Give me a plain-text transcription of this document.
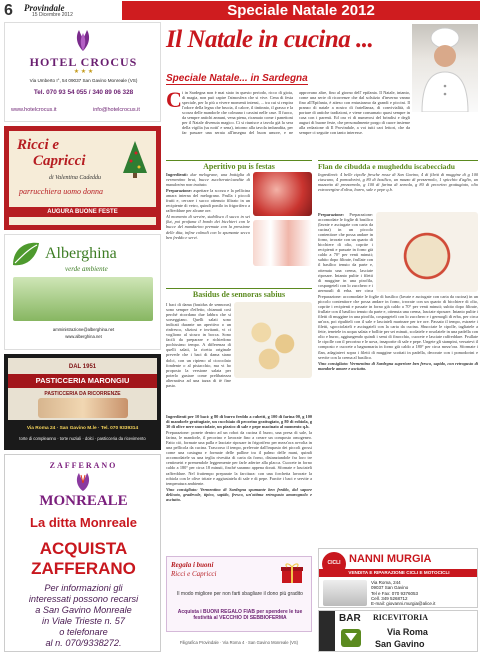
6 Provindale
15 Dicembre 2012	Speciale Natale 2012
HOTEL CROCUS
★ ★ ★
Via Umberto I°, 54 09037 San Gavino Monreale (VS)
Tel. 070 93 54 055 / 340 89 06 328
www.hotelcrocus.it	info@hotelcrocus.it
Ricci e
Capricci
di Valentina Cadeddu
parrucchiera uomo donna
AUGURA BUONE FESTE
Alberghina
verde ambiente
amministrazione@alberghina.net
www.alberghina.net
DAL 1951
PASTICCERIA MARONGIU
PASTICCERIA DA RICORRENZE
Via Roma 24 · San Gavino M.le · Tel. 070 9339314
torte di compleanno · torte nuziali · dolci · pasticceria da ricevimento
ZAFFERANO
MONREALE
La ditta Monreale
ACQUISTA
ZAFFERANO
Per informazioni gli
interessati possono recarsi
a San Gavino Monreale
in Viale Trieste n. 57
o telefonare
al n. 070/9338272.
Il Natale in cucina ...
Speciale Natale... in Sardegna
C i in Sardegna non è mai stato in questo periodo, ricco di gioia, di magia, non può capire l'atmosfera che si vive. Cena di festa speciale, per lo più a vivere momenti intensi, ... tra cui si respira l'odore della legna che brucia, il calore, il tintinnio, il grasso e la scorza delle mandorle che colmano i cassini nelle case. Il fuoco, da sempre antichi annuni, vena piena, ricamato come i panettoni per il Natale divenuta magico. Ci si riunisce a tavola già la sera della vigilia (su notti' e sena), intorno alla tavola imbandita, per far passare una serata all'insegna del buon umore, e ne approvano altre, fino al giorno dell' epifania. Il Natale, intanto, come una serie di ricorrenze che dal solstizio d'inverno vanno fino all'Epifania, è atteso con entusiasmo da grandi e piccini. Il pranzo di natale a nostro di fratellanza, di convivialità, di portare di antiche tradizioni, e viene consumato quasi sempre in casa con i parenti. Ed ora vi di numerosi del brindisi e degli auguri di buone feste, che personalmente porgo di cuore insieme alla redazione di Il Provindale, a voi tutti cari lettori, che da sempre ci seguite con tanto interesse.
Aperitivo pu is festas

Ingredienti: due melograne, una bottiglia di vermentino brut, bucce zuccherate/candite di mandarino non trattato.

Preparazione: aspettare la scorza e la pellicina amara interna del melograno. Frulla i piccoli frutti e, cercare i succo ottenuto filtrato in un recipiente di vetro, quindi ponilo in frigorifero a raffreddare per alcune ore.

Al momento di servire, stabilisco il succo in sei flut, poi profuma il bordo dei bicchieri con le bucce del mandarino premute con la pressione delle dita, infine colmali con lo spumante secco ben freddo e servi.

Basidus de sennoras sabius
I baci di dama (basidus de sennoras) sono sempre d'effetto, chiamati così perché ricordano due labbra che si sorseggiano. Quelli salati sono indicati durante un aperitivo o un rinfresco, sfiziosi e invitanti, vi ci vogliono al sicuro in bocca. Sono facili da preparare e richiedono pochissimo tempo. A differenza di quelli salati, la ricetta originale prevede che i baci di dama siano dolci, con un ripieno al cioccolato fondente o al pistacchio, ma vi ho proposto la versione salata per poterlo gustare come prelibatezza alternativa ad una tazza di tè fine pasto.

Ingredienti per 10 baci: g 80 di burro freddo a cubetti, g 100 di farina 00, g 100 di mandorle grattugiate, un cucchiaio di pecorino grattugiato, g 80 di robiola, g 30 di olive nere snocciolate, un pizzico di sale e pepe macinato al momento q.b.

Preparazione: ponete dentro ad un robot da cucina il burro, una presa di sale, la farina, le mandorle, il pecorino e lavorate fino a creare un composto omogeneo. Fatto ciò, formate una palla e lasciate riposare in frigorifero per mezz'ora avvolta in una pellicola da cucina. Trascorso il tempo, prelevate dall'impasto dei piccoli grossi come una castagna e formate delle palline tra il palmo delle mani, quindi accomodatele su una teglia rivestita di carta da forno, distanziandole fra loro tre centimetri e premendole leggermente per farle aderire alla placca. Cuocete in forno caldo a 180° per circa 18 minuti, finché saranno appena dorati. Sfornate e lasciateli raffreddare. Nel frattempo preparate la farcitura: con una forchetta lavorate la robiola con le olive tritate e aggiustatela di sale e di pepe. Farcite i baci e servite a temperatura ambiente.

Vino consigliato: Vermentino di Sardegna spumante ben freddo, dal sapore delicato, gradevole, tipico, sapido, fresco, un'ottima retrogusto amarognolo e asciutto.

Flan de cibudda e mugheddu iscabecciadu
Ingredienti: 4 belle cipolle fresche rosse di San Gavino, 4 di filetti di muggine di g 100 ciascuno, 4 pomodorini, g 80 di basilico, un mazzo di prezzemolo, 1 spicchio d'aglio, un mazzetto di prezzemolo, g 100 di farina di semola, g 80 di pecorino grattugiato, olio extravergine d'oliva, burro, sale e pepe q.b.

Preparazione: Preparazione: accomodate le foglie di basilico (lavate e asciugate con carta da cucina) in un piccolo contenitore che possa andare in forno, irrorate con un quarto di bicchiere di olio, coprite i recipienti e passate in forno già caldo a 70° per venti minuti; subito dopo filtrate, frullate con il basilico tenuto da parte e, ottenuta una crema, lasciate riposare. Intanto pulite i filetti di muggine in una pirofila, cospargeteli con lo zucchero e i germogli di erba, per circa

Preparazione: accomodate le foglie di basilico (lavate e asciugate con carta da cucina) in un piccolo contenitore che possa andare in forno, irrorate con un quarto di bicchiere di olio, coprite i recipienti e passate in forno già caldo a 70° per venti minuti; subito dopo filtrate, frullate con il basilico tenuto da parte e, ottenuta una crema, lasciate riposare. Intanto pulite i filetti di muggine in una pirofila, cospargeteli con lo zucchero e i germogli di erba, per circa un'ora, poi ripuliteli con il sale e lasciateli marinare per tre ore. Passato il tempo, estraete i filetti, sgocciolateli e asciugateli con la carta da cucina. Sbucciate le cipolle, tagliatele a fette, tenetele in acqua salata e bollite per sei minuti, scolatele e rosolatele in una padella con olio e burro, aggiungendo quindi i semi di finocchio, cuocete e lasciate raffreddare. Frullate le cipolle con il pecorino e le uova, insaporite di sale e pepe. Ungete gli stampini, versatevi il composto e cuocete a bagnomaria in forno già caldo a 180° per circa mezz'ora. Sformate i flan, adagiatevi sopra i filetti di muggine scottati in padella, decorate con i pomodorini e servite con la crema al basilico.

Vino consigliato: Vermentino di Sardegna superiore ben fresco, sapido, con retrogusto di mandorle amare e asciutto.

Regala i buoni
Ricci e Capricci
Il modo migliore per non farti sbagliare il dono più gradito
Acquista i BUONI REGALO FIAB per spendere le tue festività al VECCHIO DI SEBBIOFERMA
CICLI NANNI MURGIA
VENDITA E RIPARAZIONE CICLI E MOTOCICLI
Via Roma, 244
09037 San Gavino
Tel e Fax: 070 9376053
Cell. 349 5268712
E-mail: giovanni.murgia@alice.it
BAR RICEVITORIA
Via Roma
San Gavino
Filigrafica Provindale · Via Roma 4 · San Gavino Monreale (VS)
